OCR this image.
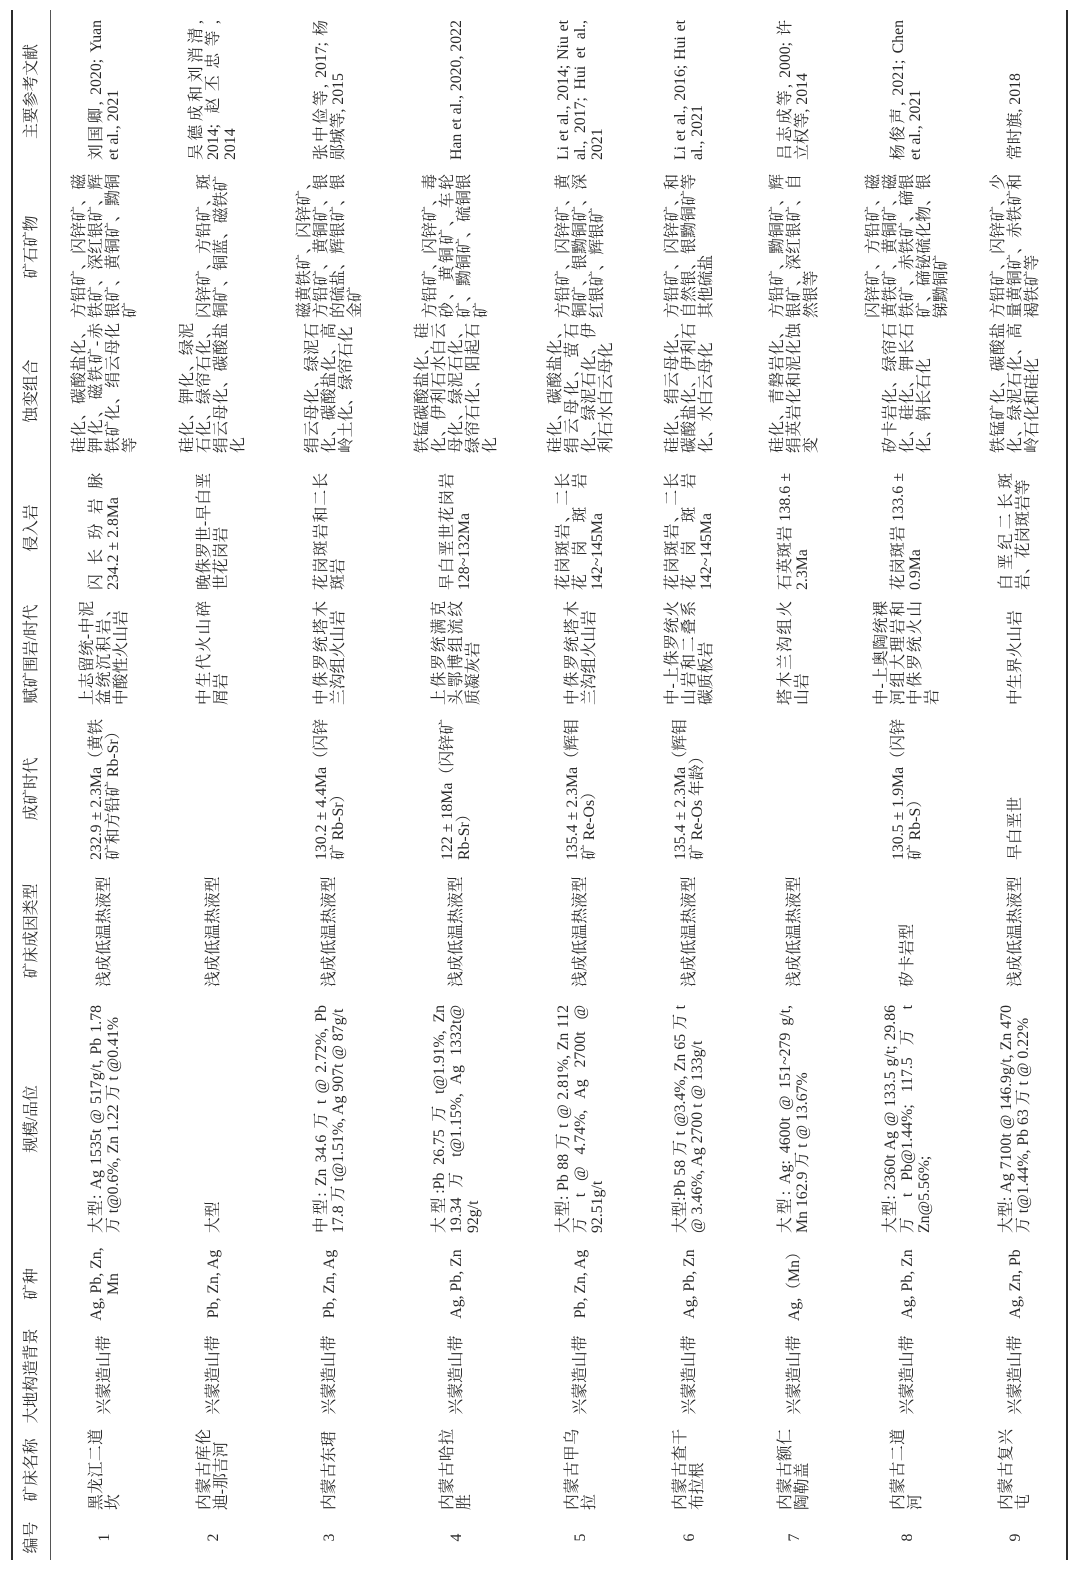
编号
矿床名称
大地构造背景
矿种
规模/品位
矿床成因类型
成矿时代
赋矿围岩/时代
侵入岩
蚀变组合
矿石矿物
主要参考文献
1
黑龙江二道坎
兴蒙造山带
Ag, Pb, Zn, Mn
大型: Ag 1535t @ 517g/t, Pb 1.78 万 t@0.6%, Zn 1.22 万 t @0.41%
浅成低温热液型
232.9 ± 2.3Ma（黄铁矿和方铅矿 Rb-Sr）
上志留统-中泥盆统沉积岩、中酸性火山岩
闪长玢岩脉 234.2 ± 2.8Ma
硅化、碳酸盐化、钾化、磁铁矿-赤铁矿化、绢云母化等
方铅矿、闪锌矿、磁铁矿、深红银矿、辉银矿、黄铜矿、黝铜矿
刘国卿, 2020; Yuan et al., 2021
2
内蒙古库伦迪-那吉河
兴蒙造山带
Pb, Zn, Ag
大型
浅成低温热液型
中生代火山碎屑岩
晚侏罗世-早白垩世花岗岩
硅化、钾化、绿泥石化、绿帘石化、绢云母化、碳酸盐化
闪锌矿、方铅矿、斑铜矿、铜蓝、磁铁矿
吴德成和刘消清, 2014; 赵丕忠等, 2014
3
内蒙古东珺
兴蒙造山带
Pb, Zn, Ag
中型: Zn 34.6 万 t @ 2.72%, Pb 17.8 万 t@1.51%, Ag 907t @ 87g/t
浅成低温热液型
130.2 ± 4.4Ma（闪锌矿 Rb-Sr）
中侏罗统塔木兰沟组火山岩
花岗斑岩和二长斑岩
绢云母化、绿泥石化、碳酸盐化、高岭土化、绿帘石化
磁黄铁矿、闪锌矿、方铅矿、黄铜矿、银的硫盐、辉银矿、银金矿
张中俭等, 2017; 杨郧城等, 2015
4
内蒙古哈拉胜
兴蒙造山带
Ag, Pb, Zn
大型:Pb 26.75 万 t@1.91%, Zn 19.34 万 t@1.15%, Ag 1332t@ 92g/t
浅成低温热液型
122 ± 18Ma（闪锌矿 Rb-Sr）
上侏罗统满克头鄂博组流纹质凝灰岩
早白垩世花岗岩 128~132Ma
铁锰碳酸盐化、硅化、伊利石水白云母化、绿泥石化、绿帘石化、阳起石化
方铅矿、闪锌矿、毒砂、黄铜矿、车轮矿、黝铜矿、硫铜银矿
Han et al., 2020, 2022
5
内蒙古甲乌拉
兴蒙造山带
Pb, Zn, Ag
大型: Pb 88 万 t @ 2.81%, Zn 112 万 t @ 4.74%, Ag 2700t @ 92.51g/t
浅成低温热液型
135.4 ± 2.3Ma（辉钼矿 Re-Os）
中侏罗统塔木兰沟组火山岩
花岗斑岩、二长花岗斑岩 142~145Ma
硅化、碳酸盐化、绢云母化、萤石化、绿泥石化、伊利石水白云母化
方铅矿、闪锌矿、黄铜矿、银黝铜矿、深红银矿、辉银矿
Li et al., 2014; Niu et al., 2017; Hui et al., 2021
6
内蒙古查干布拉根
兴蒙造山带
Ag, Pb, Zn
大型:Pb 58 万 t @3.4%, Zn 65 万 t @ 3.46%, Ag 2700 t @ 133g/t
浅成低温热液型
135.4 ± 2.3Ma（辉钼矿 Re-Os 年龄）
中-上侏罗统火山岩和二叠系碳质板岩
花岗斑岩、二长花岗斑岩 142~145Ma
硅化、绢云母化、碳酸盐化、伊利石化、水白云母化
方铅矿、闪锌矿、和自然银、银黝铜矿等其他硫盐
Li et al., 2016; Hui et al., 2021
7
内蒙古额仁陶勒盖
兴蒙造山带
Ag,（Mn）
大型: Ag: 4600t @ 151~279 g/t, Mn 162.9 万 t @ 13.67%
浅成低温热液型
塔木兰沟组火山岩
石英斑岩 138.6 ± 2.3Ma
硅化、青磐岩化、绢英岩化和泥化蚀变
方铅矿、黝铜矿、辉银矿、深红银矿、自然银等
吕志成等, 2000; 许立权等, 2014
8
内蒙古二道河
兴蒙造山带
Ag, Pb, Zn
大型: 2360t Ag @ 133.5 g/t; 29.86 万 t Pb@1.44%; 117.5 万 t Zn@5.56%;
矽卡岩型
130.5 ± 1.9Ma（闪锌矿 Rb-S）
中-上奥陶统裸河组大理岩和中侏罗统火山岩
花岗斑岩 133.6 ± 0.9Ma
矽卡岩化、绿帘石化、硅化、钾长石化、钠长石化
闪锌矿、方铅矿、磁黄铁矿、黄铜矿、磁铁矿、赤铁矿、碲银矿、碲铋硫化物、银锑黝铜矿
杨俊声, 2021; Chen et al., 2021
9
内蒙古复兴屯
兴蒙造山带
Ag, Zn, Pb
大型: Ag 7100t @ 146.9g/t, Zn 470 万 t@1.44%, Pb 63 万 t @ 0.22%
浅成低温热液型
早白垩世
中生界火山岩
白垩纪二长斑岩、花岗斑岩等
铁锰矿化、碳酸盐化、绿泥石化、高岭石化和硅化
方铅矿、闪锌矿、少量黄铜矿、赤铁矿和褐铁矿等
常时旗, 2018
